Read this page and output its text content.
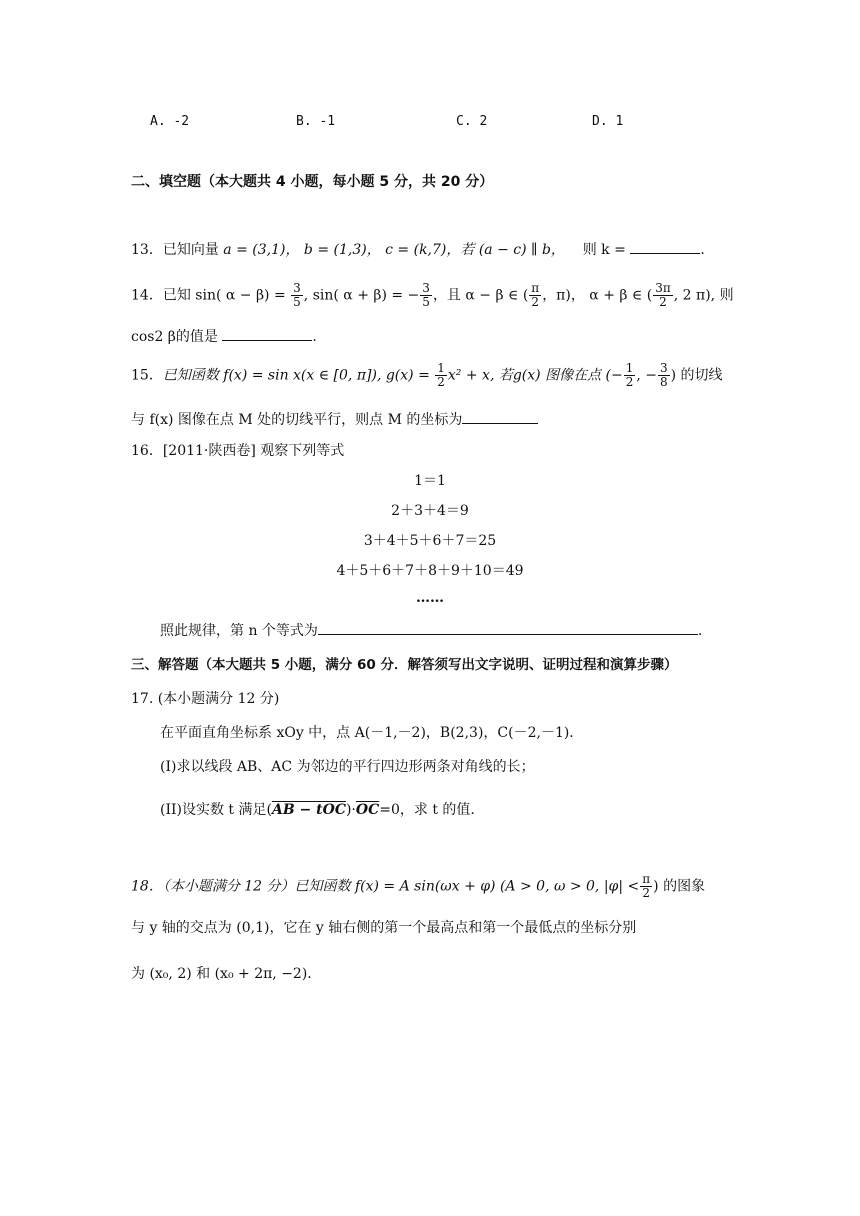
A. -2	B. -1	C. 2	D. 1
二、填空题（本大题共 4 小题，每小题 5 分，共 20 分）
13．已知向量 a = (3,1)， b = (1,3)， c = (k,7)，若 (a − c) ∥ b， 则 k =	.
14．已知 sin( $\alpha - \beta) = \frac{3}{5}$ , sin( α + β) = − $\frac{3}{5}$ ，且 α − β ∈ ( $\frac{\pi}{2}$ ，π)， α + β ∈ ( $\frac{3\pi}{2}$ , 2 π), 则
cos2 β的值是	.
15．已知函数 f(x) = sin x(x ∈ [0, π]), $g(x) = \frac{1}{2} x^2 + x$, 若g(x) 图像在点 (− $\frac{1}{2}$ , − $\frac{3}{8}$ ) 的切线
与 f(x) 图像在点 M 处的切线平行，则点 M 的坐标为
16．[2011·陕西卷] 观察下列等式
1＝1
2＋3＋4＝9
3＋4＋5＋6＋7＝25
4＋5＋6＋7＋8＋9＋10＝49
……
照此规律，第 n 个等式为	.
三、解答题（本大题共 5 小题，满分 60 分．解答须写出文字说明、证明过程和演算步骤）
17. (本小题满分 12 分)
在平面直角坐标系 xOy 中，点 A(－1,－2)，B(2,3)，C(－2,－1)．
(I)求以线段 AB、AC 为邻边的平行四边形两条对角线的长；
(II)设实数 t 满足$(AB - tOC)\cdot\overline{OC}=0$，求 t 的值.
18．（本小题满分 12 分）已知函数 f(x) = A sin(ωx + φ) (A > 0, ω > 0, $|\varphi| < \frac{\pi}{2}$ ) 的图象
与 y 轴的交点为 (0,1)，它在 y 轴右侧的第一个最高点和第一个最低点的坐标分别
为 (x₀, 2) 和 (x₀ + 2π, −2)．
